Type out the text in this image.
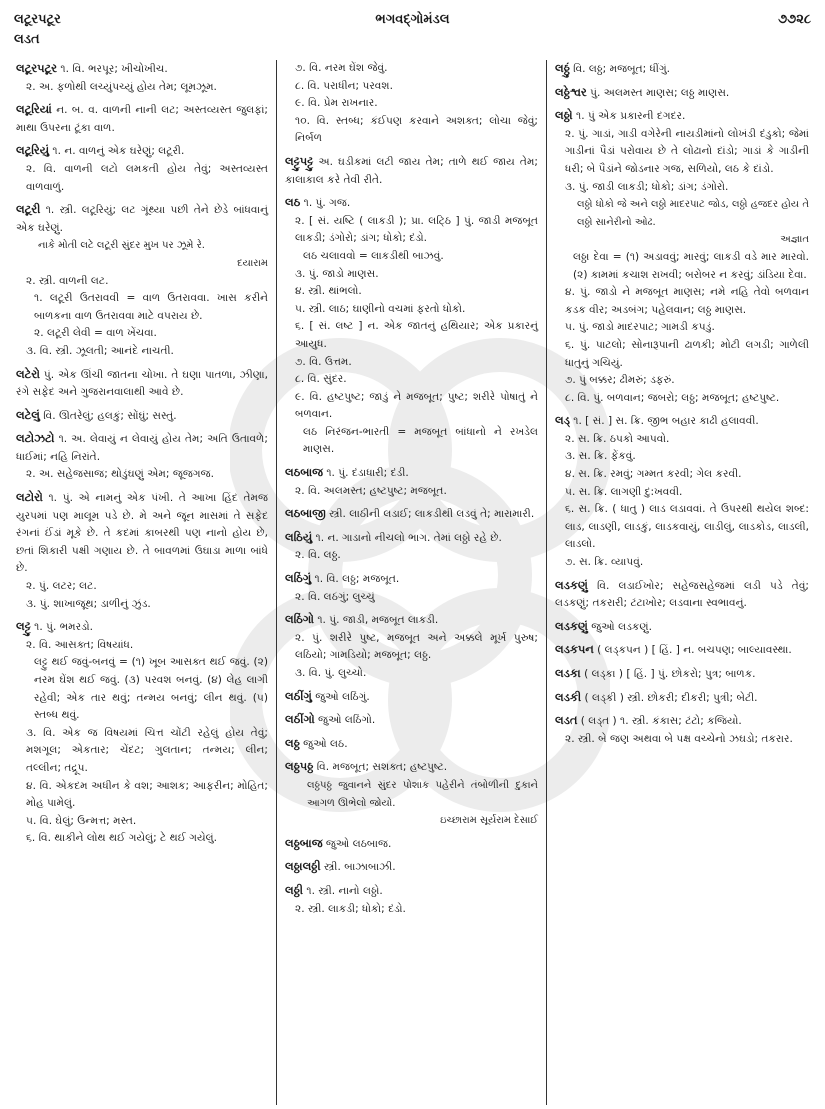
લટૂરપટૂર	ભગવદ્ગોમંડલ	૭૭૨૮
લડત
લટૂરપટૂર ૧. વિ. ભરપૂર; ખીચોખીચ.
૨. અ. ફળોથી લચ્યુંપચ્યું હોય તેમ; લૂમઝૂમ.
લટૂરિયાં ન. બ. વ. વાળની નાની લટ; અસ્તવ્યસ્ત જુલફાં; માથા ઉપરના ટૂંકા વાળ.
લટૂરિયું ૧. ન. વાળનું એક ઘરેણું; લટૂરી.
૨. વિ. વાળની લટો લમકતી હોય તેવું; અસ્તવ્યસ્ત વાળવાળું.
લટૂરી ૧. સ્ત્રી. લટૂરિયું; લટ ગૂંથ્યા પછી તેને છેડે બાંધવાનું એક ઘરેણું.
નાકે મોતી લટે લટૂરી સુંદર મુખ પર ઝૂમે રે.
દયારામ
૨. સ્ત્રી. વાળની લટ.
૧. લટૂરી ઉતરાવવી = વાળ ઉતરાવવા. ખાસ કરીને બાળકના વાળ ઉતરાવવા માટે વપરાય છે.
૨. લટૂરી લેવી = વાળ ખેંચવા.
૩. વિ. સ્ત્રી. ઝૂલતી; આનંદે નાચતી.
લટેરો પું. એક ઊંચી જાતના ચોખા. તે ઘણા પાતળા, ઝીણા, રંગે સફેદ અને ગુજરાનવાલાથી આવે છે.
લટેલું વિ. ઊતરેલું; હલકું; સોંઘું; સસ્તું.
લટોઝટો ૧. અ. લેવાયું ન લેવાયું હોય તેમ; અતિ ઉતાવળે; ધાઈમાં; નહિ નિરાંતે.
૨. અ. સહેજસાજ; થોડુંઘણું એમ; જૂજગજ.
લટોરો ૧. પું. એ નામનું એક પંખી. તે આખા હિંદ તેમજ યુરપમાં પણ માલૂમ પડે છે. મે અને જૂન માસમાં તે સફેદ રંગનાં ઈંડાં મૂકે છે. તે કદમાં કાબરથી પણ નાનો હોય છે, છતાં શિકારી પક્ષી ગણાય છે. તે બાવળમાં ઉઘાડા માળા બાંધે છે.
૨. પું. લટર; લટ.
૩. પું. શાખાજૂથ; ડાળીનું ઝુંડ.
લટ્ટુ ૧. પું. ભમરડો.
૨. વિ. આસક્ત; વિષયાંધ.
લટ્ટુ થઈ જવું-બનવું = (૧) ખૂબ આસક્ત થઈ જવું. (૨) નરમ ઘેંશ થઈ જવું. (૩) પરવશ બનવું. (૪) લેહ લાગી રહેવી; એક તાર થવું; તન્મય બનવું; લીન થવું. (૫) સ્તબ્ધ થવું.
૩. વિ. એક જ વિષયમાં ચિત્ત ચોંટી રહેલું હોય તેવું; મશગૂલ; એકતાર; ચેંદટ; ગુલતાન; તન્મય; લીન; તલ્લીન; તદ્રૂપ.
૪. વિ. એકદમ અધીન કે વશ; આશક; આફરીન; મોહિત; મોહ પામેલું.
૫. વિ. ઘેલું; ઉન્મત્ત; મસ્ત.
૬. વિ. થાકીને લોથ થઈ ગયેલું; ટે થઈ ગયેલું.
૭. વિ. નરમ ઘેંશ જેવું.
૮. વિ. પરાધીન; પરવશ.
૯. વિ. પ્રેમ રાખનાર.
૧૦. વિ. સ્તબ્ધ; કંઈપણ કરવાને અશક્ત; લોચા જેવું; નિર્બળ
લટ્ટુપટ્ટુ અ. ઘડીકમાં લટી જાય તેમ; તાળે થઈ જાય તેમ; કાલાકાલ કરે તેવી રીતે.
લઠ ૧. પું. ગજ.
૨. [ સં. યષ્ટિ ( લાકડી ); પ્રા. લટ્ઠિ ] પું. જાડી મજબૂત લાકડી; ડંગોરો; ડાંગ; ધોકો; દંડો.
લઠ ચલાવવો = લાકડીથી બાઝવું.
૩. પું. જાડો માણસ.
૪. સ્ત્રી. થાંભલો.
૫. સ્ત્રી. લાઠ; ઘાણીનો વચમાં ફરતો ધોકો.
૬. [ સં. લષ્ટ ] ન. એક જાતનું હથિયાર; એક પ્રકારનું આયુધ.
૭. વિ. ઉત્તમ.
૮. વિ. સુંદર.
૯. વિ. હષ્ટપુષ્ટ; જાડું ને મજબૂત; પુષ્ટ; શરીરે પોષાતું ને બળવાન.
લઠ નિરંજન-ભારતી = મજબૂત બાંધાનો ને રખડેલ માણસ.
લઠબાજ ૧. પું. દંડાધારી; દંડી.
૨. વિ. અલમસ્ત; હષ્ટપુષ્ટ; મજબૂત.
લઠબાજી સ્ત્રી. લાઠીની લડાઈ; લાકડીથી લડવું તે; મારામારી.
લઠિયું ૧. ન. ગાડાનો નીચલો ભાગ. તેમાં લઠ્ઠો રહે છે.
૨. વિ. લઠ્ઠ.
લઠિંગું ૧. વિ. લઠ્ઠ; મજબૂત.
૨. વિ. લઠંગું; લુચ્ચું
લઠિંગો ૧. પું. જાડી, મજબૂત લાકડી.
૨. પું. શરીરે પુષ્ટ, મજબૂત અને અક્કલે મૂર્ખ પુરુષ; લઠિયો; ગામડિયો; મજબૂત; લઠ્ઠ.
૩. વિ. પું. લુચ્ચો.
લઠીંગું જુઓ લઠિંગું.
લઠીંગો જુઓ લઠિંગો.
લઠ્ઠ જુઓ લઠ.
લઠ્ઠપઠ્ઠ વિ. મજબૂત; સશક્ત; હષ્ટપુષ્ટ.
લઠ્ઠપઠ્ઠ જુવાનને સુંદર પોશાક પહેરીને તંબોળીની દુકાને આગળ ઊભેલો જોયો.
ઇચ્છારામ સૂર્યરામ દેસાઈ
લઠ્ઠબાજ જુઓ લઠબાજ.
લઠ્ઠાલઠ્ઠી સ્ત્રી. બાઝાબાઝી.
લઠ્ઠી ૧. સ્ત્રી. નાનો લઠ્ઠો.
૨. સ્ત્રી. લાકડી; ધોકો; દંડો.
લઠ્ઠું વિ. લઠ્ઠ; મજબૂત; ધીંગું.
લઠ્ઠેશ્વર પું. અલમસ્ત માણસ; લઠ્ઠ માણસ.
લઠ્ઠો ૧. પું એક પ્રકારની દગદર.
૨. પું. ગાડાં, ગાડી વગેરેની નાયડીમાંનો લોખંડી દંડુકો; જેમાં ગાડીનાં પૈડાં પરોવાય છે તે લોઢાનો દાંડો; ગાડાં કે ગાડીની ધરી; બે પૈડાંને જોડનાર ગજ, સળિયો, લઠ કે દાંડો.
૩. પું. જાડી લાકડી; ધોકો; ડાંગ; ડંગોરો.
લઠ્ઠો ધોકો જે અને લઠ્ઠો માદરપાટ જોડ, લઠ્ઠો હજદર હોય તે લઠ્ઠો સાનેરીનો ઓઢ.
અજ્ઞાત
લઠ્ઠા દેવા = (૧) અડાવવું; મારવું; લાકડી વડે માર મારવો. (૨) કામમાં કચાશ રાખવી; બરોબર ન કરવું; ડાંડિયા દેવા.
૪. પું. જાડો ને મજબૂત માણસ; નમે નહિ તેવો બળવાન કડક વીર; અડબંગ; પહેલવાન; લઠ્ઠ માણસ.
૫. પું. જાડો માદરપાટ; ગામડી કપડું.
૬. પું. પાટલો; સોનારૂપાની ઢાળકી; મોટી લગડી; ગાળેલી ધાતુનું ગચિયું.
૭. પું બક્કર; ઢીમરું; ડફરું.
૮. વિ. પું. બળવાન; જબરો; લઠ્ઠ; મજબૂત; હષ્ટપુષ્ટ.
લડ્ ૧. [ સં. ] સ. ક્રિ. જીભ બહાર કાઢી હલાવવી.
૨. સ. ક્રિ. ઠપકો આપવો.
૩. સ. ક્રિ. ફેંકવું.
૪. સ. ક્રિ. રમવું; ગમ્મત કરવી; ગેલ કરવી.
૫. સ. ક્રિ. લાગણી દુ:ખવવી.
૬. સ. ક્રિ. ( ધાતુ ) લાડ લડાવવાં. તે ઉપરથી થયેલ શબ્દ: લાડ, લાડણી, લાડકું, લાડકવાયું, લાડીલું, લાડકોડ, લાડલી, લાડલો.
૭. સ. ક્રિ. વ્યાપવું.
લડકણું વિ. લડાઈખોર; સહેજસહેજમાં લડી પડે તેવું; લડકણું; તકરારી; ટંટાખોર; લડવાના સ્વભાવનું.
લડકણું જુઓ લડકણું.
લડકપન ( લડ્કપન ) [ હિં. ] ન. બચપણ; બાલ્યાવસ્થા.
લડકા ( લડ્કા ) [ હિં. ] પું. છોકરો; પુત્ર; બાળક.
લડકી ( લડ્કી ) સ્ત્રી. છોકરી; દીકરી; પુત્રી; બેટી.
લડત ( લડ્ત ) ૧. સ્ત્રી. કંકાસ; ટંટો; કજિયો.
૨. સ્ત્રી. બે જણ અથવા બે પક્ષ વચ્ચેનો ઝઘડો; તકરાર.
